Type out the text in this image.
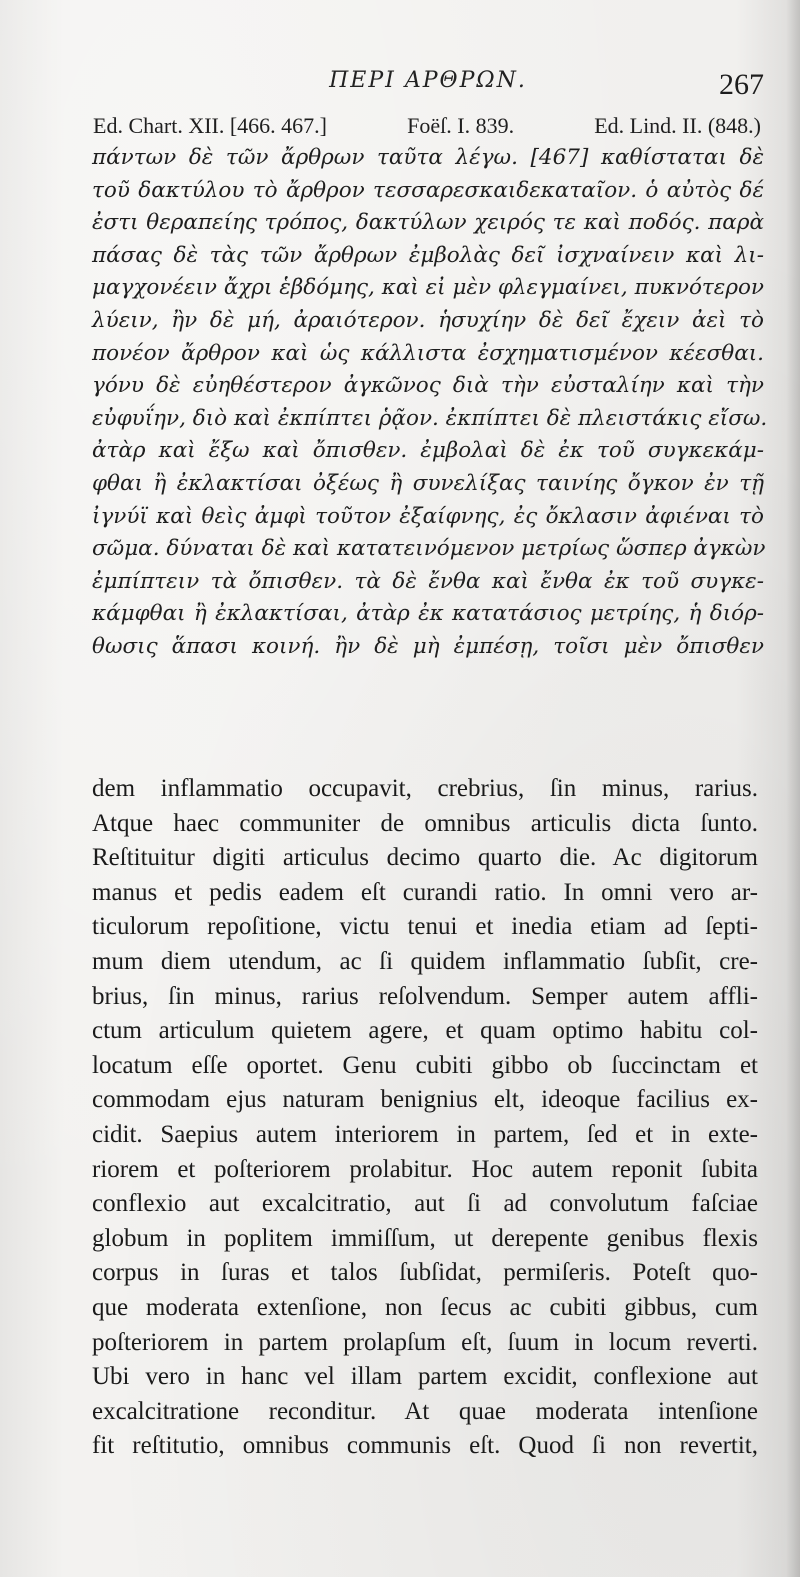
ΠΕΡΙ ΑΡΘΡΩΝ.	267
Ed. Chart. XII. [466. 467.]	Foëſ. I. 839.	Ed. Lind. II. (848.)
πάντων δὲ τῶν ἄρθρων ταῦτα λέγω. [467] καθίσταται δὲ
τοῦ δακτύλου τὸ ἄρθρον τεσσαρεσκαιδεκαταῖον. ὁ αὐτὸς δέ
ἐστι θεραπείης τρόπος, δακτύλων χειρός τε καὶ ποδός. παρὰ
πάσας δὲ τὰς τῶν ἄρθρων ἐμβολὰς δεῖ ἰσχναίνειν καὶ λι-
μαγχονέειν ἄχρι ἑβδόμης, καὶ εἰ μὲν φλεγμαίνει, πυκνότερον
λύειν, ἢν δὲ μή, ἀραιότερον. ἡσυχίην δὲ δεῖ ἔχειν ἀεὶ τὸ
πονέον ἄρθρον καὶ ὡς κάλλιστα ἐσχηματισμένον κέεσθαι.
γόνυ δὲ εὐηθέστερον ἀγκῶνος διὰ τὴν εὐσταλίην καὶ τὴν
εὐφυΐην, διὸ καὶ ἐκπίπτει ῥᾷον. ἐκπίπτει δὲ πλειστάκις εἴσω.
ἀτὰρ καὶ ἔξω καὶ ὄπισθεν. ἐμβολαὶ δὲ ἐκ τοῦ συγκεκάμ-
φθαι ἢ ἐκλακτίσαι ὀξέως ἢ συνελίξας ταινίης ὄγκον ἐν τῇ
ἰγνύϊ καὶ θεὶς ἀμφὶ τοῦτον ἐξαίφνης, ἐς ὄκλασιν ἀφιέναι τὸ
σῶμα. δύναται δὲ καὶ κατατεινόμενον μετρίως ὥσπερ ἀγκὼν
ἐμπίπτειν τὰ ὄπισθεν. τὰ δὲ ἔνθα καὶ ἔνθα ἐκ τοῦ συγκε-
κάμφθαι ἢ ἐκλακτίσαι, ἀτὰρ ἐκ κατατάσιος μετρίης, ἡ διόρ-
θωσις ἅπασι κοινή. ἢν δὲ μὴ ἐμπέσῃ, τοῖσι μὲν ὄπισθεν
dem inflammatio occupavit, crebrius, ſin minus, rarius.
Atque haec communiter de omnibus articulis dicta ſunto.
Reſtituitur digiti articulus decimo quarto die. Ac digitorum
manus et pedis eadem eſt curandi ratio. In omni vero ar-
ticulorum repoſitione, victu tenui et inedia etiam ad ſepti-
mum diem utendum, ac ſi quidem inflammatio ſubſit, cre-
brius, ſin minus, rarius reſolvendum. Semper autem affli-
ctum articulum quietem agere, et quam optimo habitu col-
locatum eſſe oportet. Genu cubiti gibbo ob ſuccinctam et
commodam ejus naturam benignius elt, ideoque facilius ex-
cidit. Saepius autem interiorem in partem, ſed et in exte-
riorem et poſteriorem prolabitur. Hoc autem reponit ſubita
conflexio aut excalcitratio, aut ſi ad convolutum faſciae
globum in poplitem immiſſum, ut derepente genibus flexis
corpus in ſuras et talos ſubſidat, permiſeris. Poteſt quo-
que moderata extenſione, non ſecus ac cubiti gibbus, cum
poſteriorem in partem prolapſum eſt, ſuum in locum reverti.
Ubi vero in hanc vel illam partem excidit, conflexione aut
excalcitratione reconditur. At quae moderata intenſione
fit reſtitutio, omnibus communis eſt. Quod ſi non revertit,
